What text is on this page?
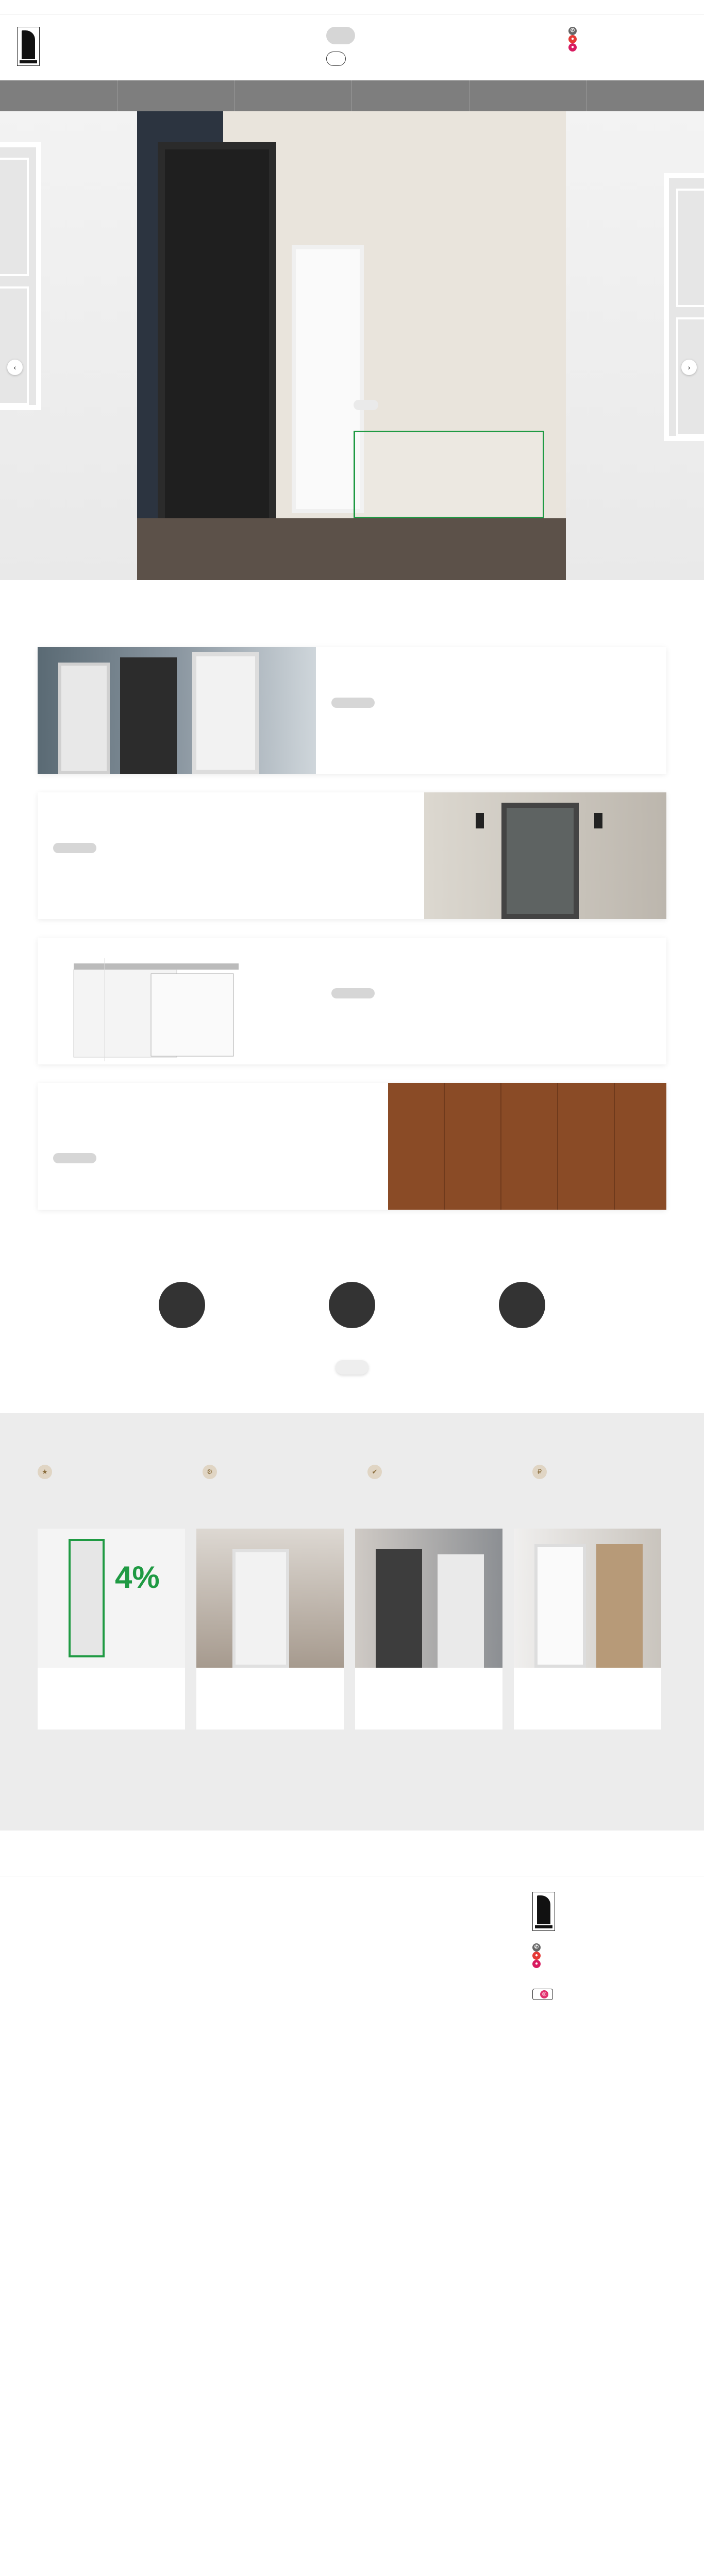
✆
●
●
‹	›

★	⚙	✔	₽

4%

✆
●
●
◎
